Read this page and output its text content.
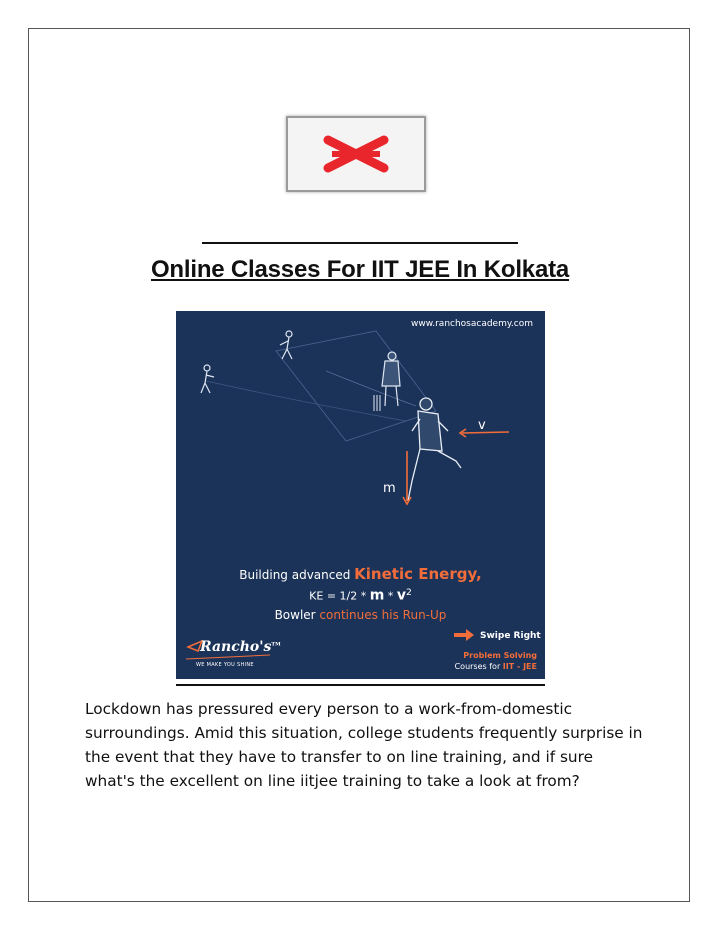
Online Classes For IIT JEE In Kolkata
www.ranchosacademy.com
v
m
Building advanced Kinetic Energy,
KE = 1/2 * m * $v^2$
Bowler continues his Run-Up
Swipe Right
Problem Solving
Courses for IIT - JEE
Rancho's™
WE MAKE YOU SHINE

Lockdown has pressured every person to a work-from-domestic surroundings. Amid this situation, college students frequently surprise in the event that they have to transfer to on line training, and if sure what's the excellent on line iitjee training to take a look at from?
